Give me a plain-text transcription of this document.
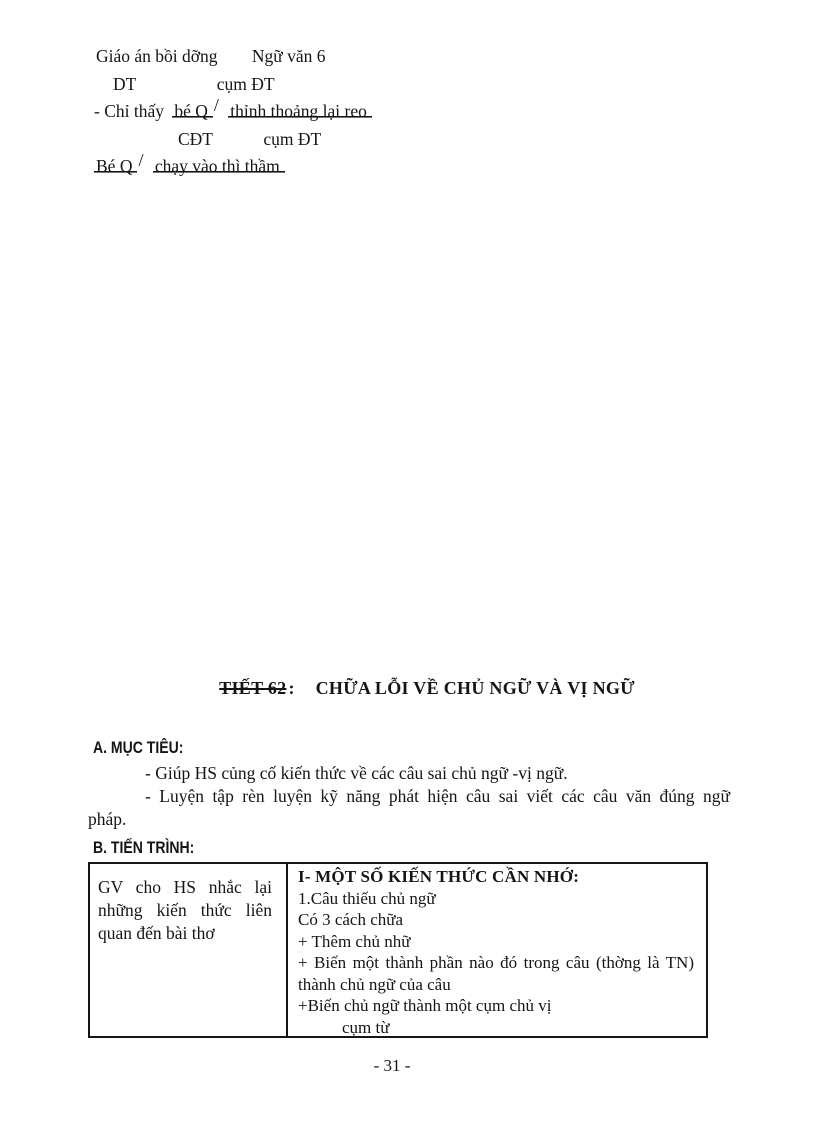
Giáo án bồi dỡng Ngữ văn 6
DT	cụm ĐT
- Chỉ thấy bé Q / thỉnh thoảng lại reo
CĐT	cụm ĐT
Bé Q / chạy vào thì thầm
TIẾT 62 : CHỮA LỖI VỀ CHỦ NGỮ VÀ VỊ NGỮ
A. MỤC TIÊU:

- Giúp HS củng cố kiến thức về các câu sai chủ ngữ -vị ngữ.

- Luyện tập rèn luyện kỹ năng phát hiện câu sai viết các câu văn đúng ngữ

pháp.

B. TIẾN TRÌNH:
GV cho HS nhắc lại những kiến thức liên quan đến bài thơ
I- MỘT SỐ KIẾN THỨC CẦN NHỚ:
1.Câu thiếu chủ ngữ
Có 3 cách chữa
+ Thêm chủ nhữ
+ Biến một thành phần nào đó trong câu (thờng là TN) thành chủ ngữ của câu
+Biến chủ ngữ thành một cụm chủ vị
cụm từ
- 31 -
